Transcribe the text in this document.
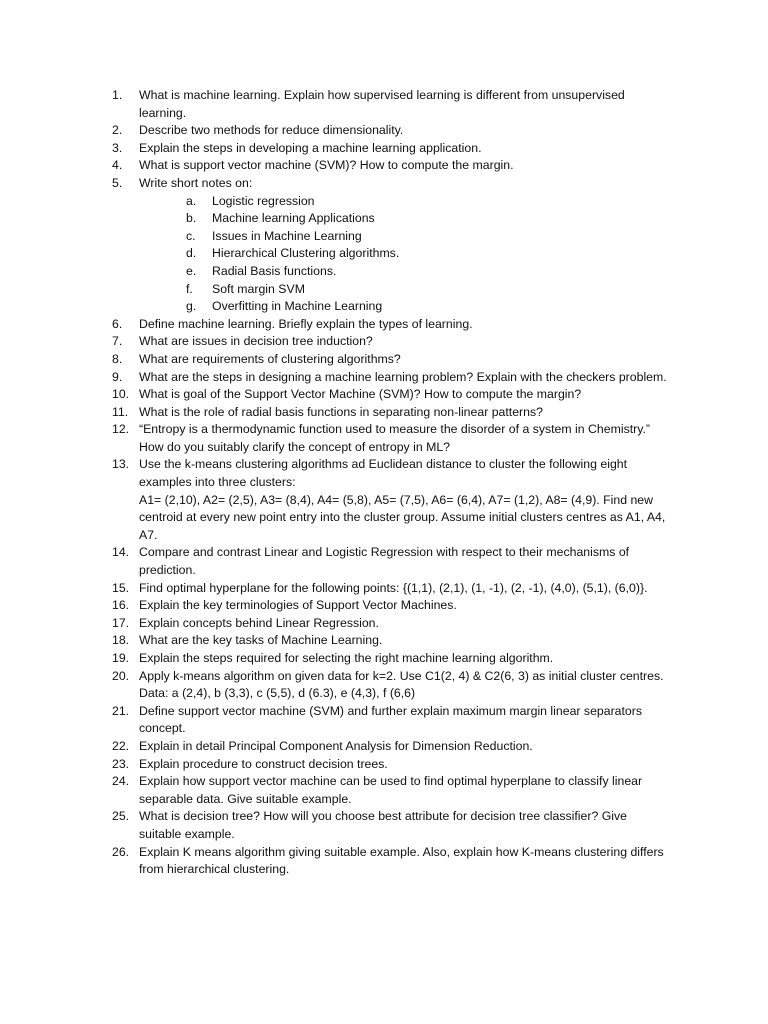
1.	What is machine learning. Explain how supervised learning is different from unsupervised learning.
2.	Describe two methods for reduce dimensionality.
3.	Explain the steps in developing a machine learning application.
4.	What is support vector machine (SVM)? How to compute the margin.
5.	Write short notes on:
a. Logistic regression
b. Machine learning Applications
c. Issues in Machine Learning
d. Hierarchical Clustering algorithms.
e. Radial Basis functions.
f. Soft margin SVM
g. Overfitting in Machine Learning
6.	Define machine learning. Briefly explain the types of learning.
7.	What are issues in decision tree induction?
8.	What are requirements of clustering algorithms?
9.	What are the steps in designing a machine learning problem? Explain with the checkers problem.
10. What is goal of the Support Vector Machine (SVM)? How to compute the margin?
11. What is the role of radial basis functions in separating non-linear patterns?
12. “Entropy is a thermodynamic function used to measure the disorder of a system in Chemistry.” How do you suitably clarify the concept of entropy in ML?
13. Use the k-means clustering algorithms ad Euclidean distance to cluster the following eight examples into three clusters:
A1= (2,10), A2= (2,5), A3= (8,4), A4= (5,8), A5= (7,5), A6= (6,4), A7= (1,2), A8= (4,9). Find new centroid at every new point entry into the cluster group. Assume initial clusters centres as A1, A4, A7.
14. Compare and contrast Linear and Logistic Regression with respect to their mechanisms of prediction.
15. Find optimal hyperplane for the following points: {(1,1), (2,1), (1, -1), (2, -1), (4,0), (5,1), (6,0)}.
16. Explain the key terminologies of Support Vector Machines.
17. Explain concepts behind Linear Regression.
18. What are the key tasks of Machine Learning.
19. Explain the steps required for selecting the right machine learning algorithm.
20. Apply k-means algorithm on given data for k=2. Use C1(2, 4) & C2(6, 3) as initial cluster centres.
Data: a (2,4), b (3,3), c (5,5), d (6.3), e (4,3), f (6,6)
21. Define support vector machine (SVM) and further explain maximum margin linear separators concept.
22. Explain in detail Principal Component Analysis for Dimension Reduction.
23. Explain procedure to construct decision trees.
24. Explain how support vector machine can be used to find optimal hyperplane to classify linear separable data. Give suitable example.
25. What is decision tree? How will you choose best attribute for decision tree classifier? Give suitable example.
26. Explain K means algorithm giving suitable example. Also, explain how K-means clustering differs from hierarchical clustering.
